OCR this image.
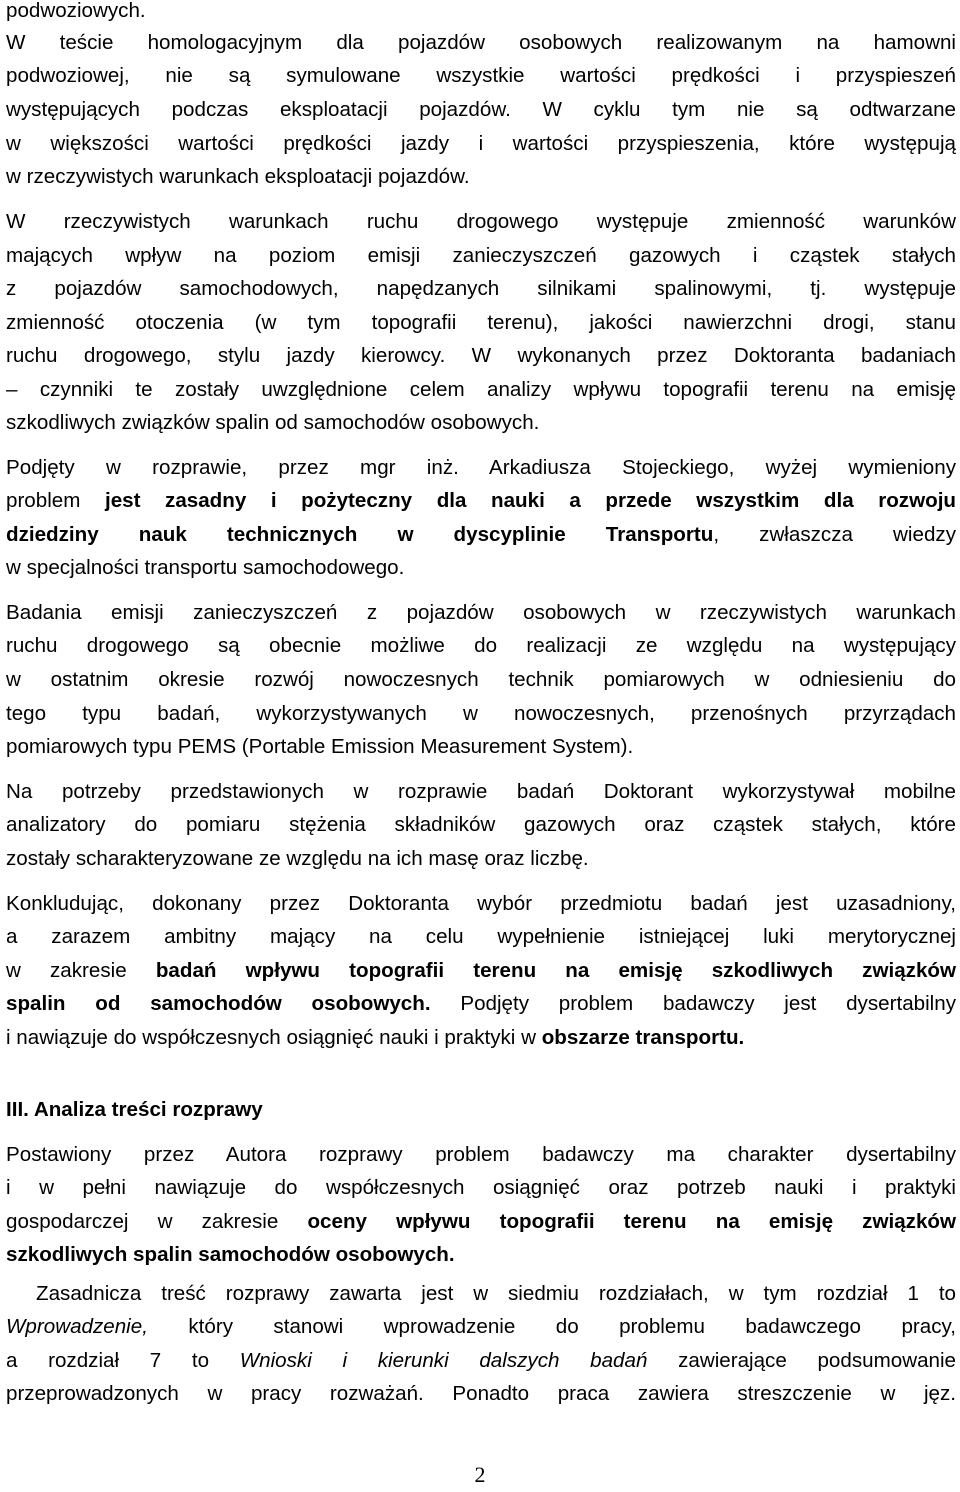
podwoziowych.
W teście homologacyjnym dla pojazdów osobowych realizowanym na hamowni
podwoziowej, nie są symulowane wszystkie wartości prędkości i przyspieszeń
występujących podczas eksploatacji pojazdów. W cyklu tym nie są odtwarzane
w większości wartości prędkości jazdy i wartości przyspieszenia, które występują
w rzeczywistych warunkach eksploatacji pojazdów.
W rzeczywistych warunkach ruchu drogowego występuje zmienność warunków
mających wpływ na poziom emisji zanieczyszczeń gazowych i cząstek stałych
z pojazdów samochodowych, napędzanych silnikami spalinowymi, tj. występuje
zmienność otoczenia (w tym topografii terenu), jakości nawierzchni drogi, stanu
ruchu drogowego, stylu jazdy kierowcy. W wykonanych przez Doktoranta badaniach
– czynniki te zostały uwzględnione celem analizy wpływu topografii terenu na emisję
szkodliwych związków spalin od samochodów osobowych.
Podjęty w rozprawie, przez mgr inż. Arkadiusza Stojeckiego, wyżej wymieniony
problem jest zasadny i pożyteczny dla nauki a przede wszystkim dla rozwoju
dziedziny nauk technicznych w dyscyplinie Transportu, zwłaszcza wiedzy
w specjalności transportu samochodowego.
Badania emisji zanieczyszczeń z pojazdów osobowych w rzeczywistych warunkach
ruchu drogowego są obecnie możliwe do realizacji ze względu na występujący
w ostatnim okresie rozwój nowoczesnych technik pomiarowych w odniesieniu do
tego typu badań, wykorzystywanych w nowoczesnych, przenośnych przyrządach
pomiarowych typu PEMS (Portable Emission Measurement System).
Na potrzeby przedstawionych w rozprawie badań Doktorant wykorzystywał mobilne
analizatory do pomiaru stężenia składników gazowych oraz cząstek stałych, które
zostały scharakteryzowane ze względu na ich masę oraz liczbę.
Konkludując, dokonany przez Doktoranta wybór przedmiotu badań jest uzasadniony,
a zarazem ambitny mający na celu wypełnienie istniejącej luki merytorycznej
w zakresie badań wpływu topografii terenu na emisję szkodliwych związków
spalin od samochodów osobowych. Podjęty problem badawczy jest dysertabilny
i nawiązuje do współczesnych osiągnięć nauki i praktyki w obszarze transportu.
III. Analiza treści rozprawy
Postawiony przez Autora rozprawy problem badawczy ma charakter dysertabilny
i w pełni nawiązuje do współczesnych osiągnięć oraz potrzeb nauki i praktyki
gospodarczej w zakresie oceny wpływu topografii terenu na emisję związków
szkodliwych spalin samochodów osobowych.
Zasadnicza treść rozprawy zawarta jest w siedmiu rozdziałach, w tym rozdział 1 to
Wprowadzenie, który stanowi wprowadzenie do problemu badawczego pracy,
a rozdział 7 to Wnioski i kierunki dalszych badań zawierające podsumowanie
przeprowadzonych w pracy rozważań. Ponadto praca zawiera streszczenie w jęz.
2
